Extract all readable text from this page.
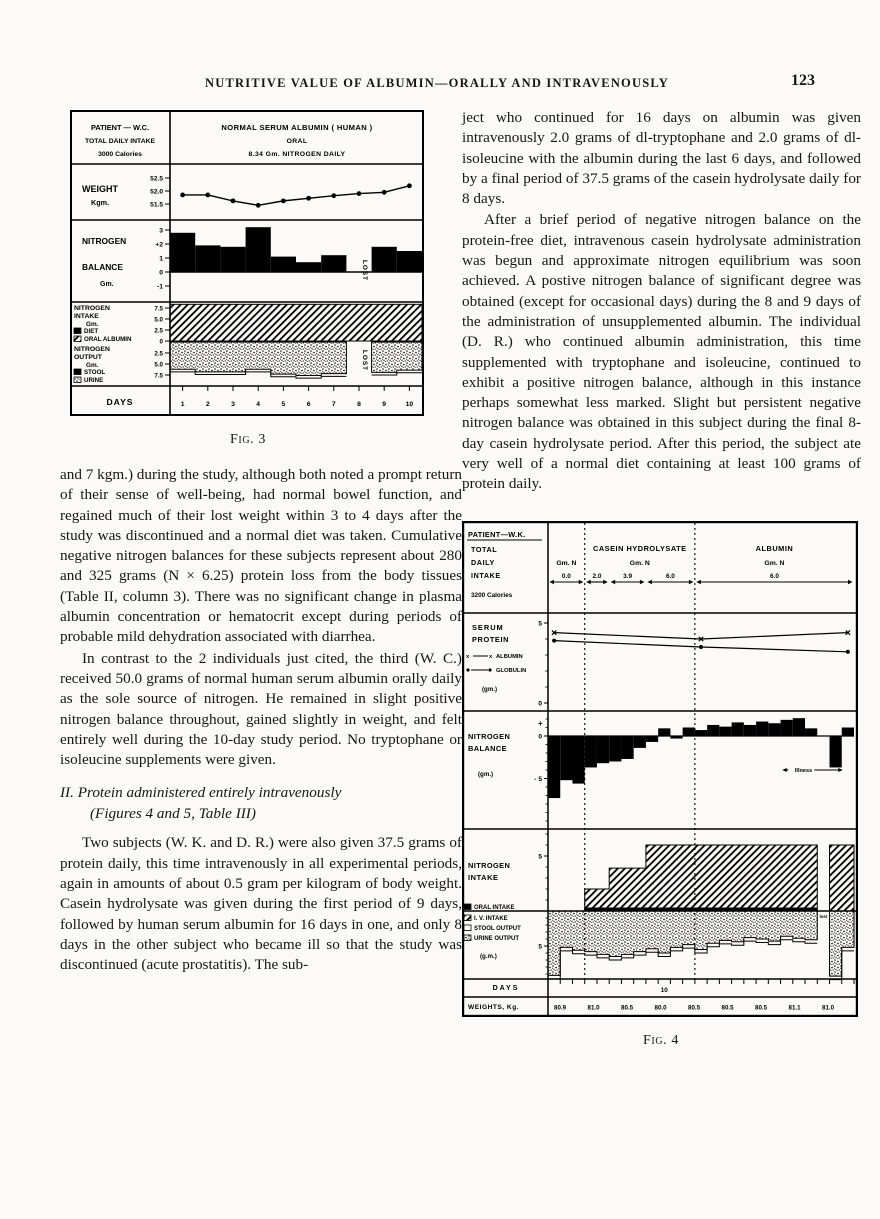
NUTRITIVE VALUE OF ALBUMIN—ORALLY AND INTRAVENOUSLY	123
PATIENT — W.C.
TOTAL DAILY INTAKE
3000 Calories
NORMAL SERUM ALBUMIN ( HUMAN )
ORAL
8.34 Gm. NITROGEN DAILY
WEIGHT
Kgm.
52.5
52.0
51.5
NITROGEN
BALANCE
Gm.
3
+2
1
0
-1
LOST
NITROGEN
INTAKE
Gm.
DIET
ORAL ALBUMIN
7.5
5.0
2.5
0
NITROGEN
OUTPUT
Gm.
STOOL
URINE
2.5
5.0
7.5
LOST
DAYS	1	2	3	4	5	6	7	8	9	10
Fig. 3

and 7 kgm.) during the study, although both noted a prompt return of their sense of well-being, had normal bowel function, and regained much of their lost weight within 3 to 4 days after the study was discontinued and a normal diet was taken. Cumulative negative nitrogen balances for these subjects represent about 280 and 325 grams (N × 6.25) protein loss from the body tissues (Table II, column 3). There was no significant change in plasma albumin concentration or hematocrit except during periods of probable mild dehydration associated with diarrhea.

In contrast to the 2 individuals just cited, the third (W. C.) received 50.0 grams of normal human serum albumin orally daily as the sole source of nitrogen. He remained in slight positive nitrogen balance throughout, gained slightly in weight, and felt entirely well during the 10-day study period. No tryptophane or isoleucine supplements were given.

II. Protein administered entirely intravenously
(Figures 4 and 5, Table III)

Two subjects (W. K. and D. R.) were also given 37.5 grams of protein daily, this time intravenously in all experimental periods, again in amounts of about 0.5 gram per kilogram of body weight. Casein hydrolysate was given during the first period of 9 days, followed by human serum albumin for 16 days in one, and only 8 days in the other subject who became ill so that the study was discontinued (acute prostatitis). The sub-

ject who continued for 16 days on albumin was given intravenously 2.0 grams of dl-tryptophane and 2.0 grams of dl-isoleucine with the albumin during the last 6 days, and followed by a final period of 37.5 grams of the casein hydrolysate daily for 8 days.

After a brief period of negative nitrogen balance on the protein-free diet, intravenous casein hydrolysate administration was begun and approximate nitrogen equilibrium was soon achieved. A postive nitrogen balance of significant degree was obtained (except for occasional days) during the 8 and 9 days of the administration of unsupplemented albumin. The individual (D. R.) who continued albumin administration, this time supplemented with tryptophane and isoleucine, continued to exhibit a positive nitrogen balance, although in this instance perhaps somewhat less marked. Slight but persistent negative nitrogen balance was obtained in this subject during the final 8-day casein hydrolysate period. After this period, the subject ate very well of a normal diet containing at least 100 grams of protein daily.

PATIENT—W.K.
TOTAL
DAILY
INTAKE
3200 Calories
Gm. N
0.0
CASEIN HYDROLYSATE
Gm. N
2.0	3.9	6.0
ALBUMIN
Gm. N
6.0
SERUM
PROTEIN
x	x ALBUMIN
GLOBULIN
(gm.)
5
0
NITROGEN
BALANCE
(gm.)
+
0
- 5
Illness
NITROGEN
INTAKE
5
ORAL INTAKE
I. V. INTAKE
STOOL OUTPUT
URINE OUTPUT
(g.m.)
5
lost
DAYS	10
WEIGHTS, Kg.	80.9	81.0	80.5	80.0	80.5	80.5	80.5	81.1	81.0
Fig. 4
